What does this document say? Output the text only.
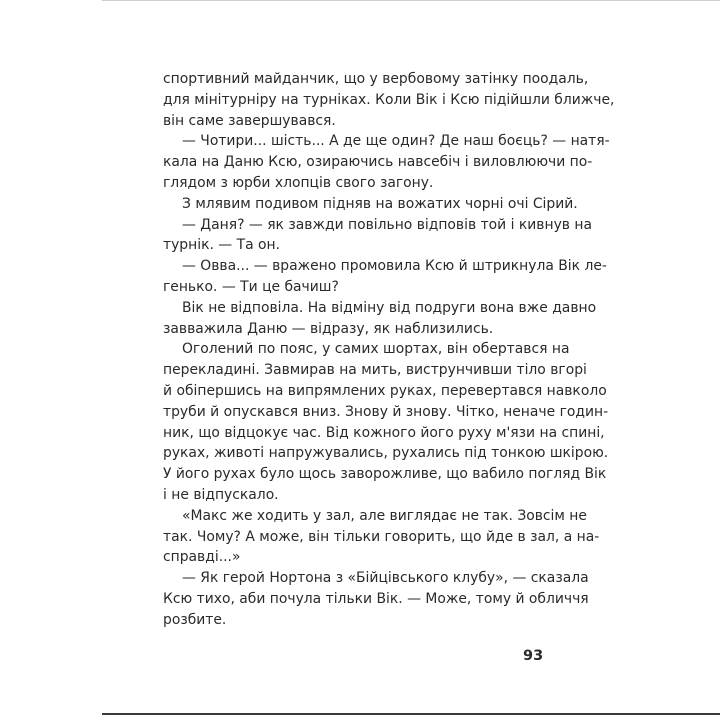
спортивний майданчик, що у вербовому затінку поодаль,
для мінітурніру на турніках. Коли Вік і Ксю підійшли ближче,
він саме завершувався.
— Чотири... шість... А де ще один? Де наш боєць? — натя-
кала на Даню Ксю, озираючись навсебіч і виловлюючи по-
глядом з юрби хлопців свого загону.
З млявим подивом підняв на вожатих чорні очі Сірий.
— Даня? — як завжди повільно відповів той і кивнув на
турнік. — Та он.
— Овва... — вражено промовила Ксю й штрикнула Вік ле-
генько. — Ти це бачиш?
Вік не відповіла. На відміну від подруги вона вже давно
завважила Даню — відразу, як наблизились.
Оголений по пояс, у самих шортах, він обертався на
перекладині. Завмирав на мить, виструнчивши тіло вгорі
й обіпершись на випрямлених руках, перевертався навколо
труби й опускався вниз. Знову й знову. Чітко, неначе годин-
ник, що відцокує час. Від кожного його руху м'язи на спині,
руках, животі напружувались, рухались під тонкою шкірою.
У його рухах було щось заворожливе, що вабило погляд Вік
і не відпускало.
«Макс же ходить у зал, але виглядає не так. Зовсім не
так. Чому? А може, він тільки говорить, що йде в зал, а на-
справді...»
— Як герой Нортона з «Бійцівського клубу», — сказала
Ксю тихо, аби почула тільки Вік. — Може, тому й обличчя
розбите.
93
